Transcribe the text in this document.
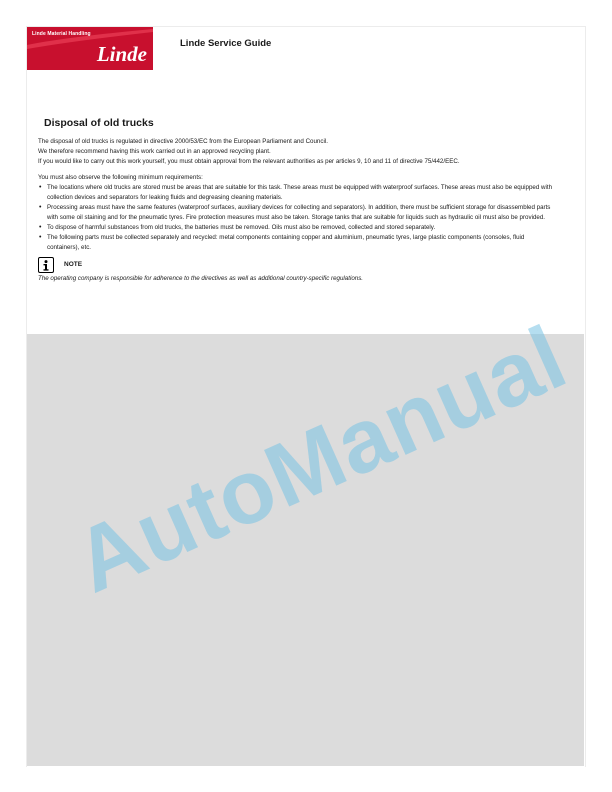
Linde Material Handling
Linde	Linde Service Guide
Disposal of old trucks

The disposal of old trucks is regulated in directive 2000/53/EC from the European Parliament and Council.

We therefore recommend having this work carried out in an approved recycling plant.

If you would like to carry out this work yourself, you must obtain approval from the relevant authorities as per articles 9, 10 and 11 of directive 75/442/EEC.

You must also observe the following minimum requirements:

• The locations where old trucks are stored must be areas that are suitable for this task. These areas must be equipped with waterproof surfaces. These areas must also be equipped with collection devices and separators for leaking fluids and degreasing cleaning materials.
• Processing areas must have the same features (waterproof surfaces, auxiliary devices for collecting and separators). In addition, there must be sufficient storage for disassembled parts with some oil staining and for the pneumatic tyres. Fire protection measures must also be taken. Storage tanks that are suitable for liquids such as hydraulic oil must also be provided.
• To dispose of harmful substances from old trucks, the batteries must be removed. Oils must also be removed, collected and stored separately.
• The following parts must be collected separately and recycled: metal components containing copper and aluminium, pneumatic tyres, large plastic components (consoles, fluid containers), etc.
NOTE

The operating company is responsible for adherence to the directives as well as additional country-specific regulations.

AutoManual
